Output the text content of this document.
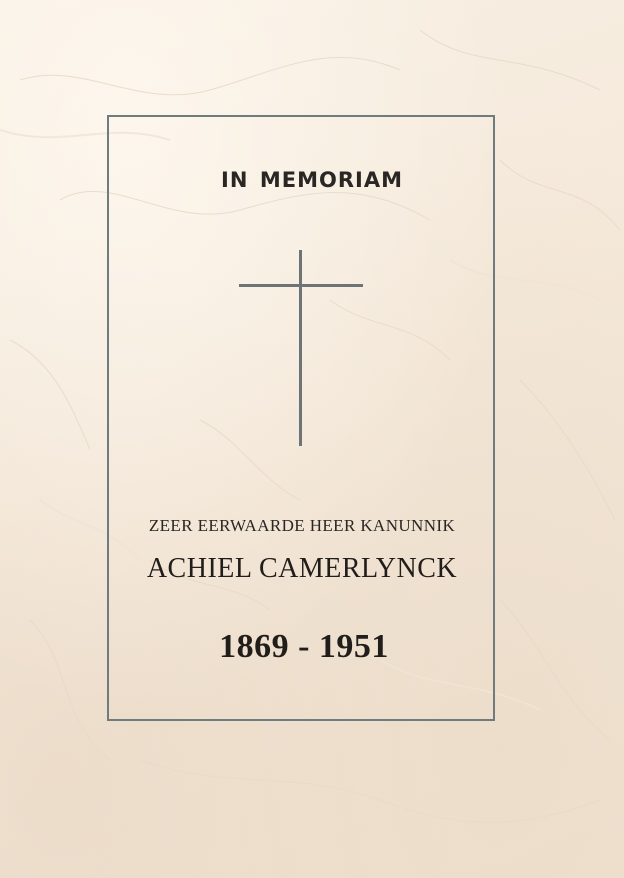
in memoriam
ZEER EERWAARDE HEER KANUNNIK
ACHIEL CAMERLYNCK
1869 - 1951
